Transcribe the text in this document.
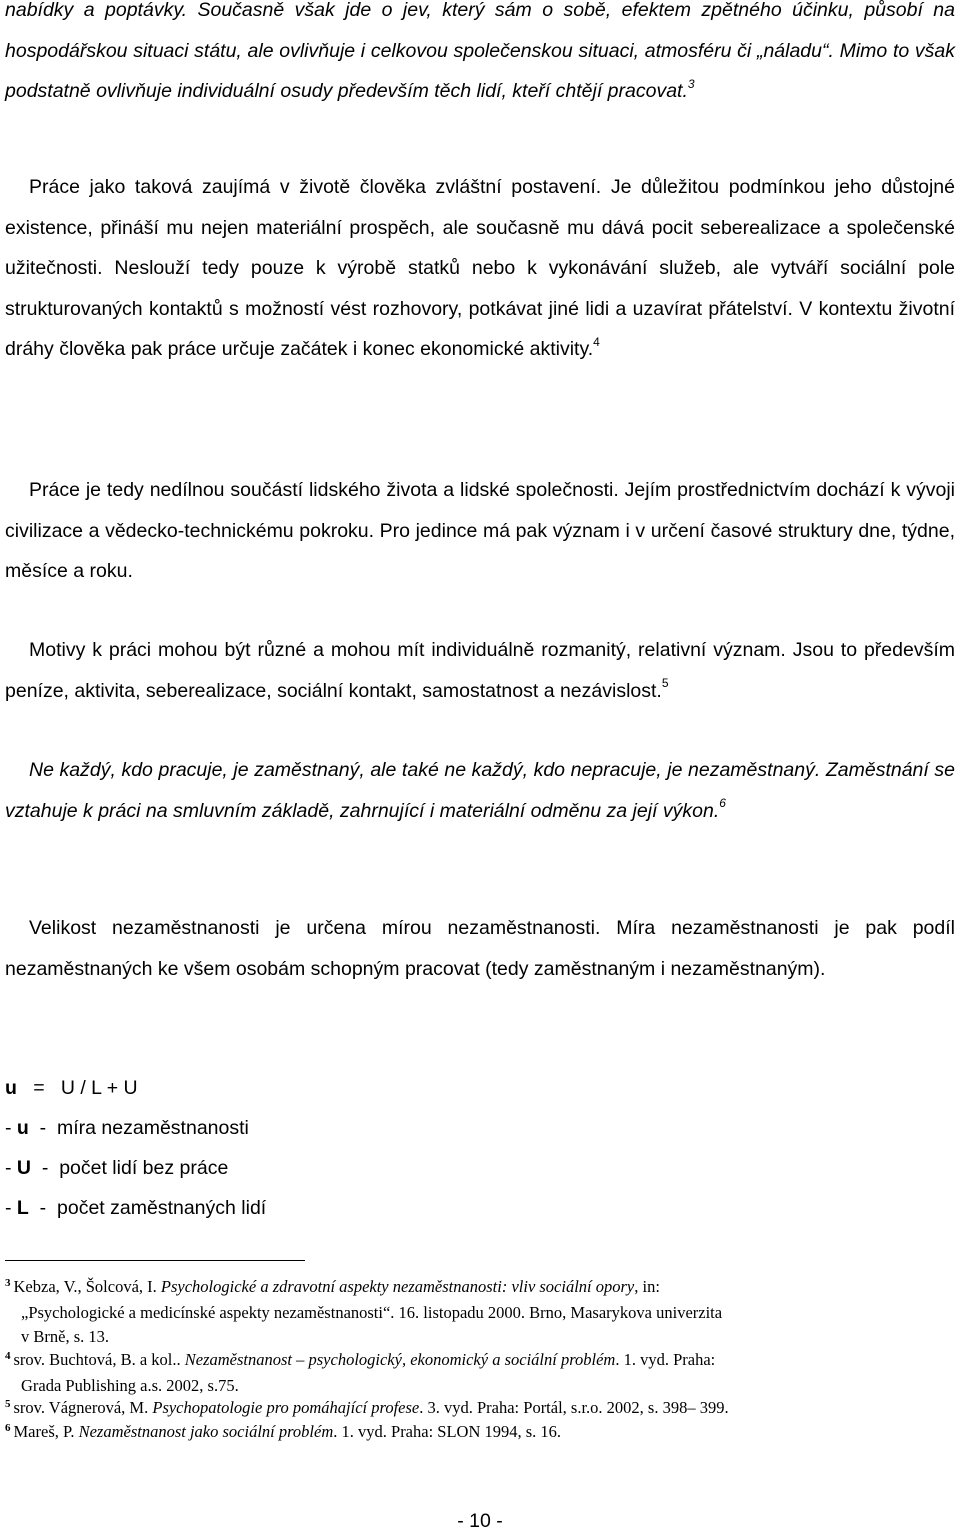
nabídky a poptávky. Současně však jde o jev, který sám o sobě, efektem zpětného účinku, působí na hospodářskou situaci státu, ale ovlivňuje i celkovou společenskou situaci, atmosféru či „náladu“. Mimo to však podstatně ovlivňuje individuální osudy především těch lidí, kteří chtějí pracovat.$^3$

Práce jako taková zaujímá v životě člověka zvláštní postavení. Je důležitou podmínkou jeho důstojné existence, přináší mu nejen materiální prospěch, ale současně mu dává pocit seberealizace a společenské užitečnosti. Neslouží tedy pouze k výrobě statků nebo k vykonávání služeb, ale vytváří sociální pole strukturovaných kontaktů s možností vést rozhovory, potkávat jiné lidi a uzavírat přátelství. V kontextu životní dráhy člověka pak práce určuje začátek i konec ekonomické aktivity.$^4$

Práce je tedy nedílnou součástí lidského života a lidské společnosti. Jejím prostřednictvím dochází k vývoji civilizace a vědecko-technickému pokroku. Pro jedince má pak význam i v určení časové struktury dne, týdne, měsíce a roku.

Motivy k práci mohou být různé a mohou mít individuálně rozmanitý, relativní význam. Jsou to především peníze, aktivita, seberealizace, sociální kontakt, samostatnost a nezávislost.$^5$

Ne každý, kdo pracuje, je zaměstnaný, ale také ne každý, kdo nepracuje, je nezaměstnaný. Zaměstnání se vztahuje k práci na smluvním základě, zahrnující i materiální odměnu za její výkon.$^6$

Velikost nezaměstnanosti je určena mírou nezaměstnanosti. Míra nezaměstnanosti je pak podíl nezaměstnaných ke všem osobám schopným pracovat (tedy zaměstnaným i nezaměstnaným).

u = U / L + U
- u  -  míra nezaměstnanosti
- U  -  počet lidí bez práce
- L  -  počet zaměstnaných lidí
$^3$ Kebza, V., Šolcová, I. Psychologické a zdravotní aspekty nezaměstnanosti: vliv sociální opory, in:
„Psychologické a medicínské aspekty nezaměstnanosti“. 16. listopadu 2000. Brno, Masarykova univerzita
v Brně, s. 13.
$^4$ srov. Buchtová, B. a kol.. Nezaměstnanost – psychologický, ekonomický a sociální problém. 1. vyd. Praha:
Grada Publishing a.s. 2002, s.75.
$^5$ srov. Vágnerová, M. Psychopatologie pro pomáhající profese. 3. vyd. Praha: Portál, s.r.o. 2002, s. 398– 399.
$^6$ Mareš, P. Nezaměstnanost jako sociální problém. 1. vyd. Praha: SLON 1994, s. 16.
- 10 -
